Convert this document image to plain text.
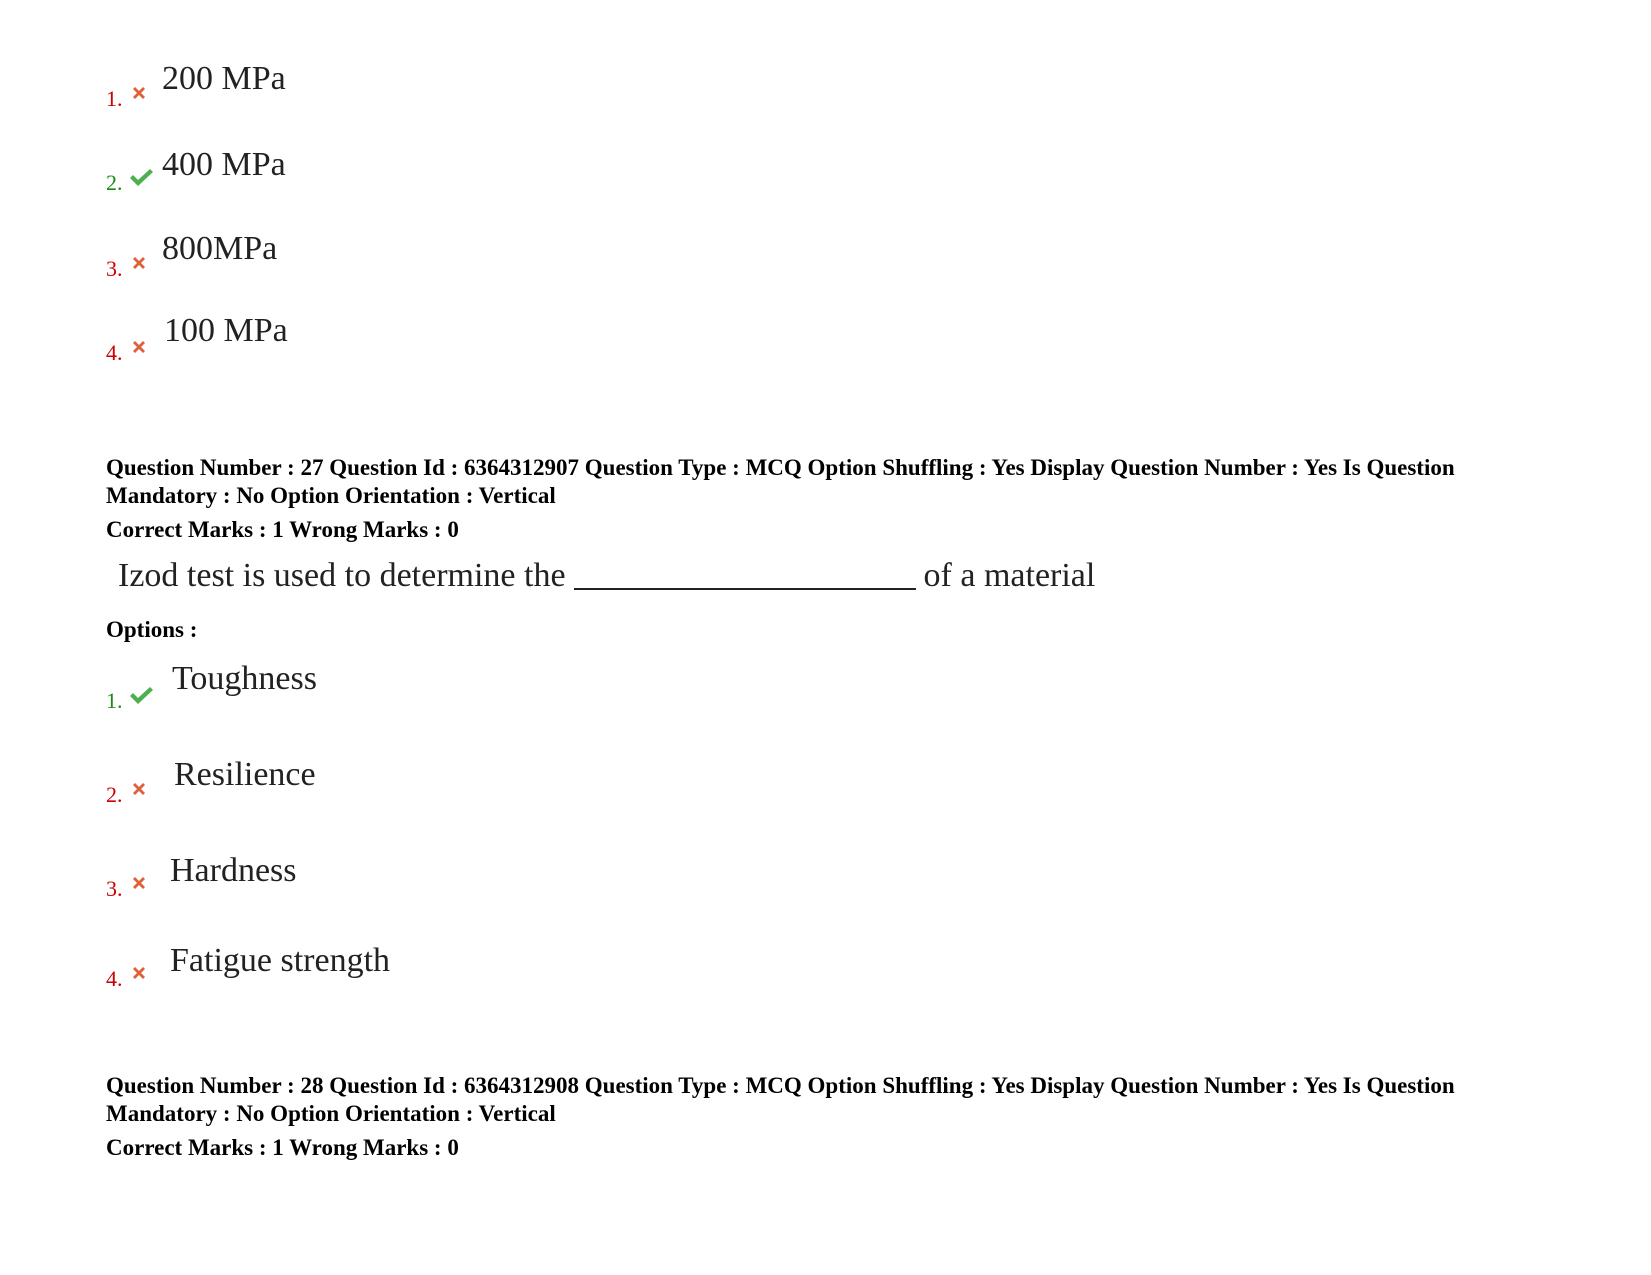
1.
200 MPa
2. 400 MPa
3.
800MPa
4.
100 MPa
Question Number : 27 Question Id : 6364312907 Question Type : MCQ Option Shuffling : Yes Display Question Number : Yes Is Question Mandatory : No Option Orientation : Vertical
Correct Marks : 1 Wrong Marks : 0
Izod test is used to determine the	of a material
Options :
1.
Toughness
2.
Resilience
3. Hardness
4. Fatigue strength
Question Number : 28 Question Id : 6364312908 Question Type : MCQ Option Shuffling : Yes Display Question Number : Yes Is Question Mandatory : No Option Orientation : Vertical
Correct Marks : 1 Wrong Marks : 0
